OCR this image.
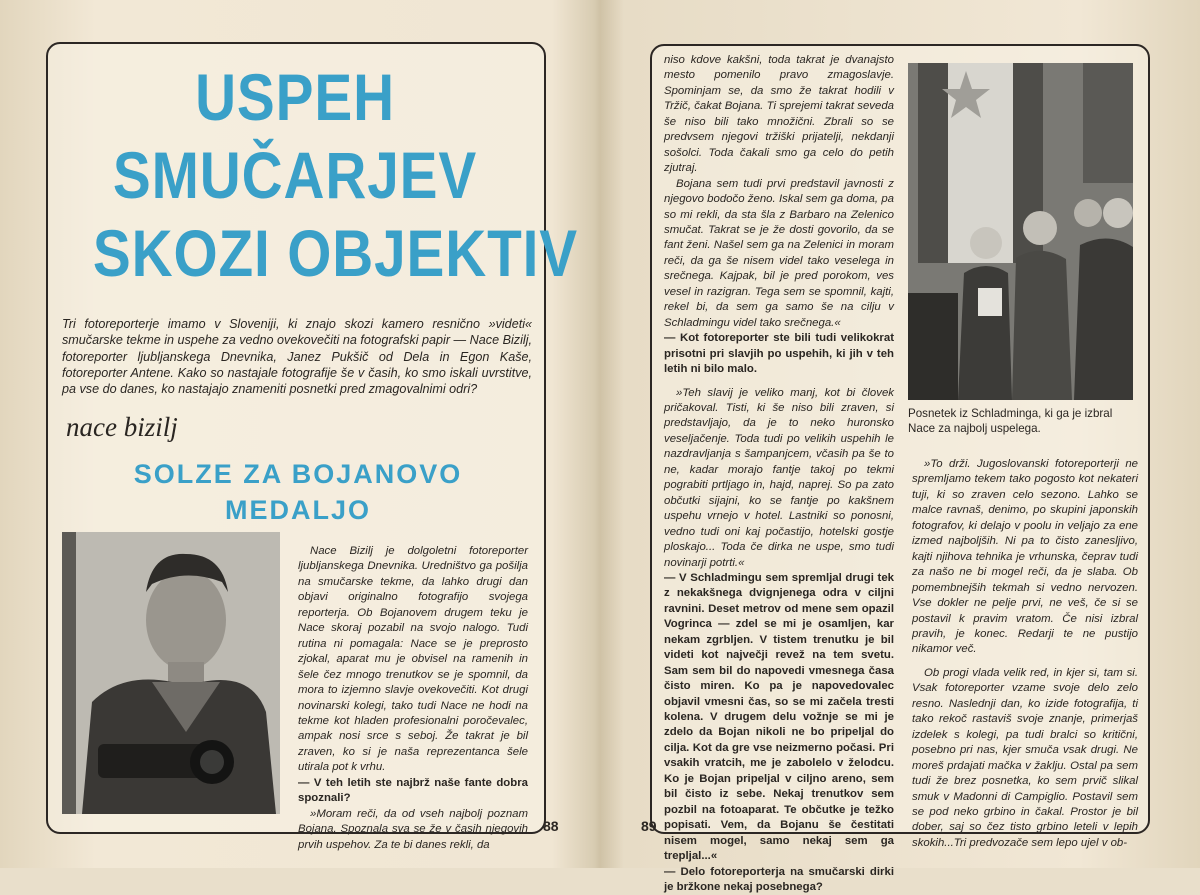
USPEH
SMUČARJEV
SKOZI OBJEKTIV
Tri fotoreporterje imamo v Sloveniji, ki znajo skozi kamero resnično »videti« smučarske tekme in uspehe za vedno ovekovečiti na fotografski papir — Nace Bizilj, fotoreporter ljubljanskega Dnevnika, Janez Pukšič od Dela in Egon Kaše, fotoreporter Antene. Kako so nastajale fotografije še v časih, ko smo iskali uvrstitve, pa vse do danes, ko nastajajo znameniti posnetki pred zmagovalnimi odri?
nace bizilj
SOLZE ZA BOJANOVO
MEDALJO

Nace Bizilj je dolgoletni fotoreporter ljubljanskega Dnevnika. Uredništvo ga pošilja na smučarske tekme, da lahko drugi dan objavi originalno fotografijo svojega reporterja. Ob Bojanovem drugem teku je Nace skoraj pozabil na svojo nalogo. Tudi rutina ni pomagala: Nace se je preprosto zjokal, aparat mu je obvisel na ramenih in šele čez mnogo trenutkov se je spomnil, da mora to izjemno slavje ovekovečiti. Kot drugi novinarski kolegi, tako tudi Nace ne hodi na tekme kot hladen profesionalni poročevalec, ampak nosi srce s seboj. Že takrat je bil zraven, ko si je naša reprezentanca šele utirala pot k vrhu.

— V teh letih ste najbrž naše fante dobra spoznali?

»Moram reči, da od vseh najbolj poznam Bojana. Spoznala sva se že v časih njegovih prvih uspehov. Za te bi danes rekli, da

88

niso kdove kakšni, toda takrat je dvanajsto mesto pomenilo pravo zmagoslavje. Spominjam se, da smo že takrat hodili v Tržič, čakat Bojana. Ti sprejemi takrat seveda še niso bili tako množični. Zbrali so se predvsem njegovi tržiški prijatelji, nekdanji sošolci. Toda čakali smo ga celo do petih zjutraj.

Bojana sem tudi prvi predstavil javnosti z njegovo bodočo ženo. Iskal sem ga doma, pa so mi rekli, da sta šla z Barbaro na Zelenico smučat. Takrat se je že dosti govorilo, da se fant ženi. Našel sem ga na Zelenici in moram reči, da ga še nisem videl tako veselega in srečnega. Kajpak, bil je pred porokom, ves vesel in razigran. Tega sem se spomnil, kajti, rekel bi, da sem ga samo še na cilju v Schladmingu videl tako srečnega.«

— Kot fotoreporter ste bili tudi velikokrat prisotni pri slavjih po uspehih, ki jih v teh letih ni bilo malo.

»Teh slavij je veliko manj, kot bi človek pričakoval. Tisti, ki še niso bili zraven, si predstavljajo, da je to neko huronsko veseljačenje. Toda tudi po velikih uspehih le nazdravljanja s šampanjcem, včasih pa še to ne, kadar morajo fantje takoj po tekmi pograbiti prtljago in, hajd, naprej. So pa zato občutki sijajni, ko se fantje po kakšnem uspehu vrnejo v hotel. Lastniki so ponosni, vedno tudi oni kaj počastijo, hotelski gostje ploskajo... Toda če dirka ne uspe, smo tudi novinarji potrti.«

— V Schladmingu sem spremljal drugi tek z nekakšnega dvignjenega odra v ciljni ravnini. Deset metrov od mene sem opazil Vogrinca — zdel se mi je osamljen, kar nekam zgrbljen. V tistem trenutku je bil videti kot največji revež na tem svetu. Sam sem bil do napovedi vmesnega časa čisto miren. Ko pa je napovedovalec objavil vmesni čas, so se mi začela tresti kolena. V drugem delu vožnje se mi je zdelo da Bojan nikoli ne bo pripeljal do cilja. Kot da gre vse neizmerno počasi. Pri vsakih vratcih, me je zabolelo v želodcu. Ko je Bojan pripeljal v ciljno areno, sem bil čisto iz sebe. Nekaj trenutkov sem pozbil na fotoaparat. Te občutke je težko popisati. Vem, da Bojanu še čestitati nisem mogel, samo nekaj sem ga trepljal...«

— Delo fotoreporterja na smučarski dirki je bržkone nekaj posebnega?

Posnetek iz Schladminga, ki ga je izbral Nace za najbolj uspelega.

»To drži. Jugoslovanski fotoreporterji ne spremljamo tekem tako pogosto kot nekateri tuji, ki so zraven celo sezono. Lahko se malce ravnaš, denimo, po skupini japonskih fotografov, ki delajo v poolu in veljajo za ene izmed najboljših. Ni pa to čisto zanesljivo, kajti njihova tehnika je vrhunska, čeprav tudi za našo ne bi mogel reči, da je slaba. Ob pomembnejših tekmah si vedno nervozen. Vse dokler ne pelje prvi, ne veš, če si se postavil k pravim vratom. Če nisi izbral pravih, je konec. Redarji te ne pustijo nikamor več.

Ob progi vlada velik red, in kjer si, tam si. Vsak fotoreporter vzame svoje delo zelo resno. Naslednji dan, ko izide fotografija, ti tako rekoč rastaviš svoje znanje, primerjaš izdelek s kolegi, pa tudi bralci so kritični, posebno pri nas, kjer smuča vsak drugi. Ne moreš prdajati mačka v žaklju. Ostal pa sem tudi že brez posnetka, ko sem prvič slikal smuk v Madonni di Campiglio. Postavil sem se pod neko grbino in čakal. Prostor je bil dober, saj so čez tisto grbino leteli v lepih skokih...Tri predvozače sem lepo ujel v ob-

89
